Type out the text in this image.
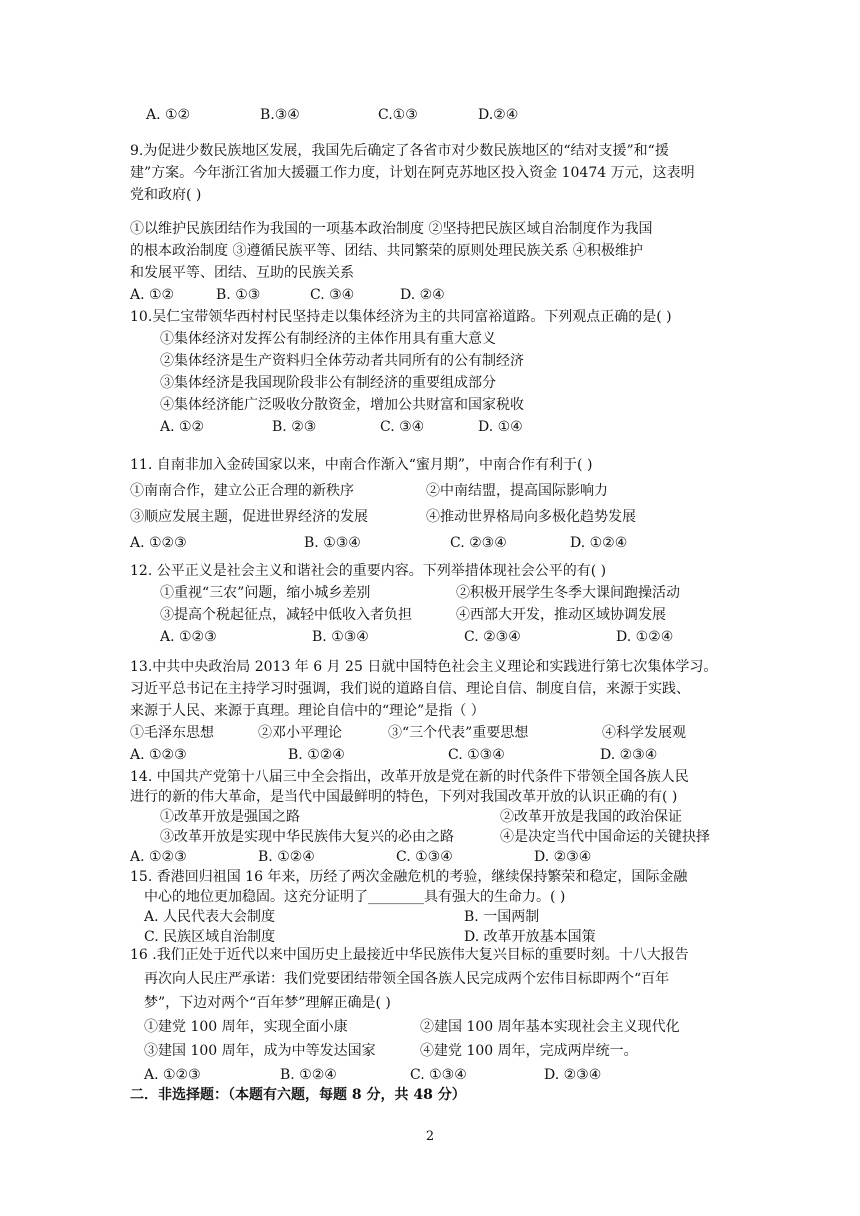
A. ①②	B.③④	C.①③	D.②④
9.为促进少数民族地区发展，我国先后确定了各省市对少数民族地区的“结对支援”和“援
建”方案。今年浙江省加大援疆工作力度，计划在阿克苏地区投入资金 10474 万元，这表明
党和政府( )
①以维护民族团结作为我国的一项基本政治制度 ②坚持把民族区域自治制度作为我国
的根本政治制度 ③遵循民族平等、团结、共同繁荣的原则处理民族关系 ④积极维护
和发展平等、团结、互助的民族关系
A. ①②	B. ①③	C. ③④	D. ②④
10.吴仁宝带领华西村村民坚持走以集体经济为主的共同富裕道路。下列观点正确的是( )
①集体经济对发挥公有制经济的主体作用具有重大意义
②集体经济是生产资料归全体劳动者共同所有的公有制经济
③集体经济是我国现阶段非公有制经济的重要组成部分
④集体经济能广泛吸收分散资金，增加公共财富和国家税收
A. ①②	B. ②③	C. ③④	D. ①④
11. 自南非加入金砖国家以来，中南合作渐入“蜜月期”，中南合作有利于( )
①南南合作，建立公正合理的新秩序	②中南结盟，提高国际影响力
③顺应发展主题，促进世界经济的发展	④推动世界格局向多极化趋势发展
A. ①②③	B. ①③④	C. ②③④	D. ①②④
12. 公平正义是社会主义和谐社会的重要内容。下列举措体现社会公平的有( )
①重视“三农”问题，缩小城乡差别	②积极开展学生冬季大课间跑操活动
③提高个税起征点，减轻中低收入者负担	④西部大开发，推动区域协调发展
A. ①②③	B. ①③④	C. ②③④	D. ①②④
13.中共中央政治局 2013 年 6 月 25 日就中国特色社会主义理论和实践进行第七次集体学习。
习近平总书记在主持学习时强调，我们说的道路自信、理论自信、制度自信，来源于实践、
来源于人民、来源于真理。理论自信中的“理论”是指（ ）
①毛泽东思想	②邓小平理论	③“三个代表”重要思想	④科学发展观
A. ①②③	B. ①②④	C. ①③④	D. ②③④
14. 中国共产党第十八届三中全会指出，改革开放是党在新的时代条件下带领全国各族人民
进行的新的伟大革命，是当代中国最鲜明的特色，下列对我国改革开放的认识正确的有( )
①改革开放是强国之路	②改革开放是我国的政治保证
③改革开放是实现中华民族伟大复兴的必由之路	④是决定当代中国命运的关键抉择
A. ①②③	B. ①②④	C. ①③④	D. ②③④
15. 香港回归祖国 16 年来，历经了两次金融危机的考验，继续保持繁荣和稳定，国际金融
中心的地位更加稳固。这充分证明了________具有强大的生命力。( )
A. 人民代表大会制度	B. 一国两制
C. 民族区域自治制度	D. 改革开放基本国策
16 .我们正处于近代以来中国历史上最接近中华民族伟大复兴目标的重要时刻。十八大报告
再次向人民庄严承诺：我们党要团结带领全国各族人民完成两个宏伟目标即两个“百年
梦”，下边对两个“百年梦”理解正确是( )
①建党 100 周年，实现全面小康	②建国 100 周年基本实现社会主义现代化
③建国 100 周年，成为中等发达国家	④建党 100 周年，完成两岸统一。
A. ①②③	B. ①②④	C. ①③④	D. ②③④
二．非选择题：（本题有六题，每题 8 分，共 48 分）
2
